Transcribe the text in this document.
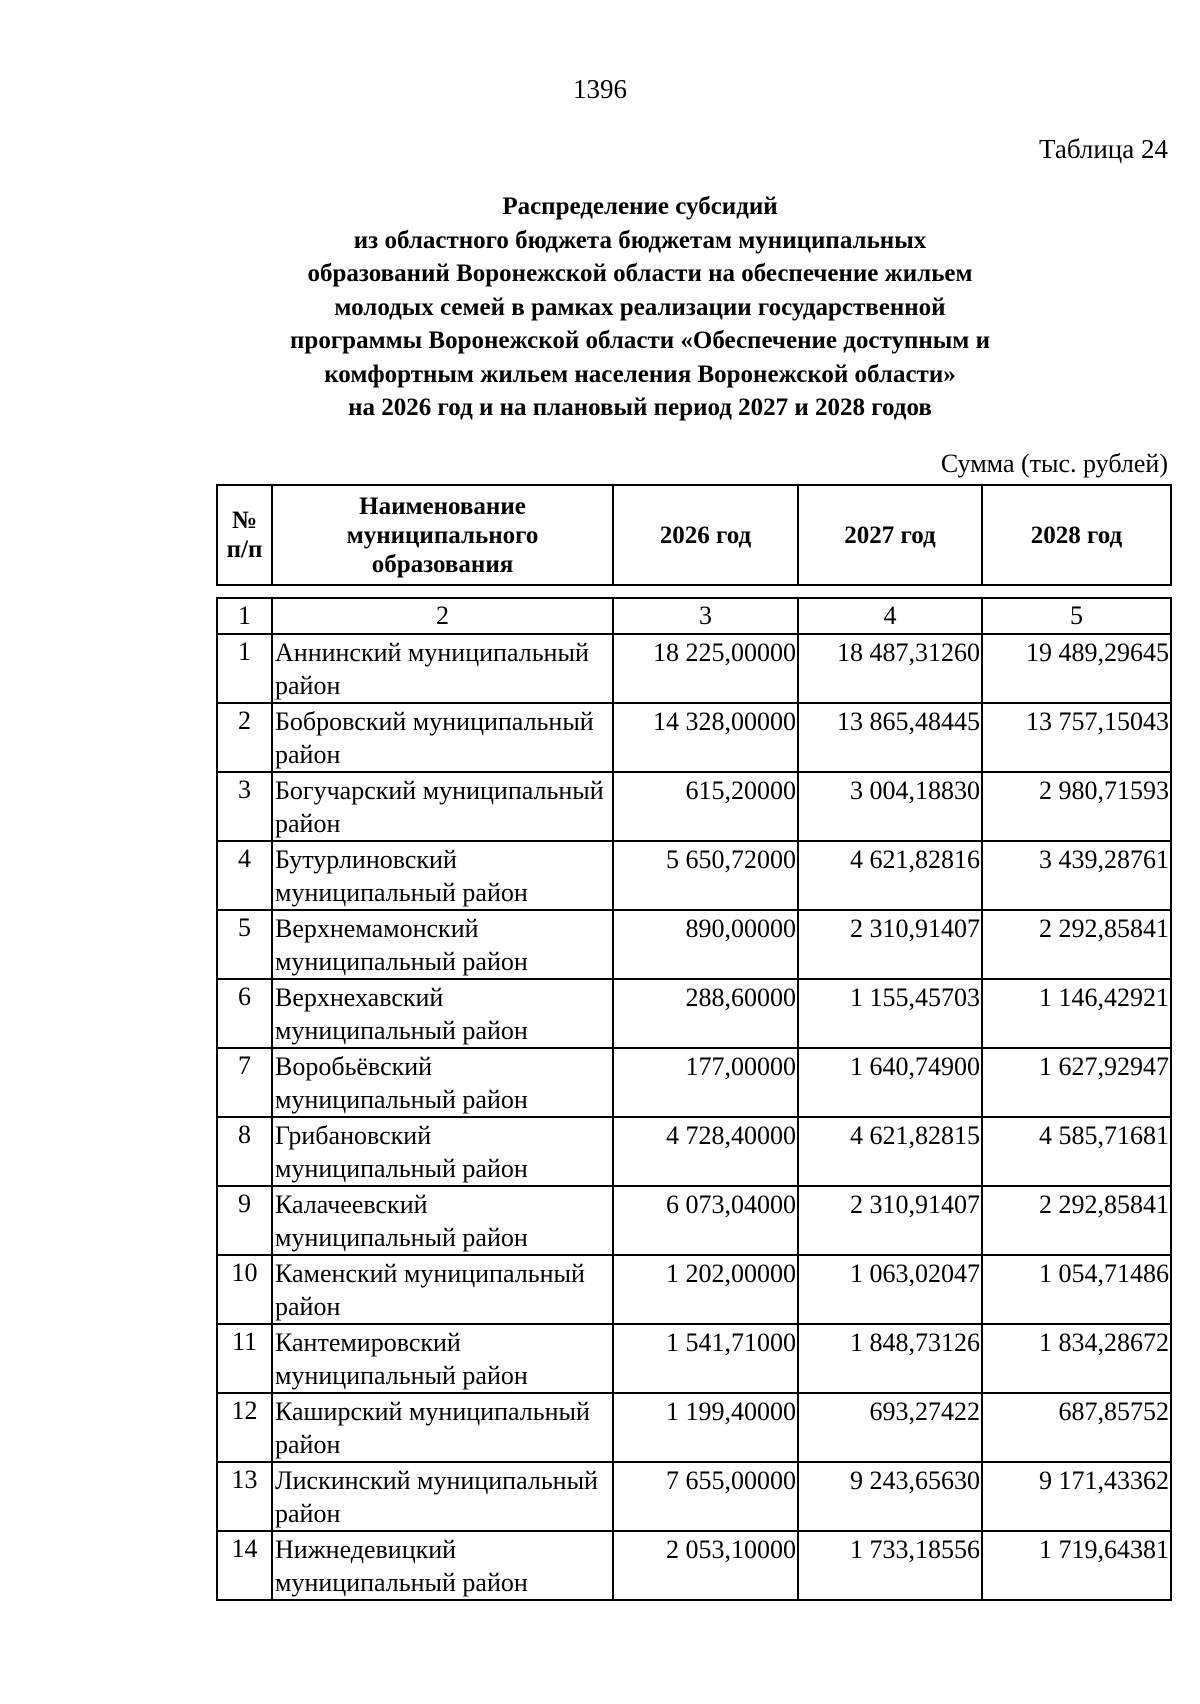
1396
Таблица 24
Распределение субсидий
из областного бюджета бюджетам муниципальных
образований Воронежской области на обеспечение жильем
молодых семей в рамках реализации государственной
программы Воронежской области «Обеспечение доступным и
комфортным жильем населения Воронежской области»
на 2026 год и на плановый период 2027 и 2028 годов
Сумма (тыс. рублей)
№ п/п	Наименование муниципального образования	2026 год	2027 год	2028 год
1	2	3	4	5
1	Аннинский муниципальный район	18 225,00000	18 487,31260	19 489,29645
2	Бобровский муниципальный район	14 328,00000	13 865,48445	13 757,15043
3	Богучарский муниципальный район	615,20000	3 004,18830	2 980,71593
4	Бутурлиновский муниципальный район	5 650,72000	4 621,82816	3 439,28761
5	Верхнемамонский муниципальный район	890,00000	2 310,91407	2 292,85841
6	Верхнехавский муниципальный район	288,60000	1 155,45703	1 146,42921
7	Воробьёвский муниципальный район	177,00000	1 640,74900	1 627,92947
8	Грибановский муниципальный район	4 728,40000	4 621,82815	4 585,71681
9	Калачеевский муниципальный район	6 073,04000	2 310,91407	2 292,85841
10	Каменский муниципальный район	1 202,00000	1 063,02047	1 054,71486
11	Кантемировский муниципальный район	1 541,71000	1 848,73126	1 834,28672
12	Каширский муниципальный район	1 199,40000	693,27422	687,85752
13	Лискинский муниципальный район	7 655,00000	9 243,65630	9 171,43362
14	Нижнедевицкий муниципальный район	2 053,10000	1 733,18556	1 719,64381
